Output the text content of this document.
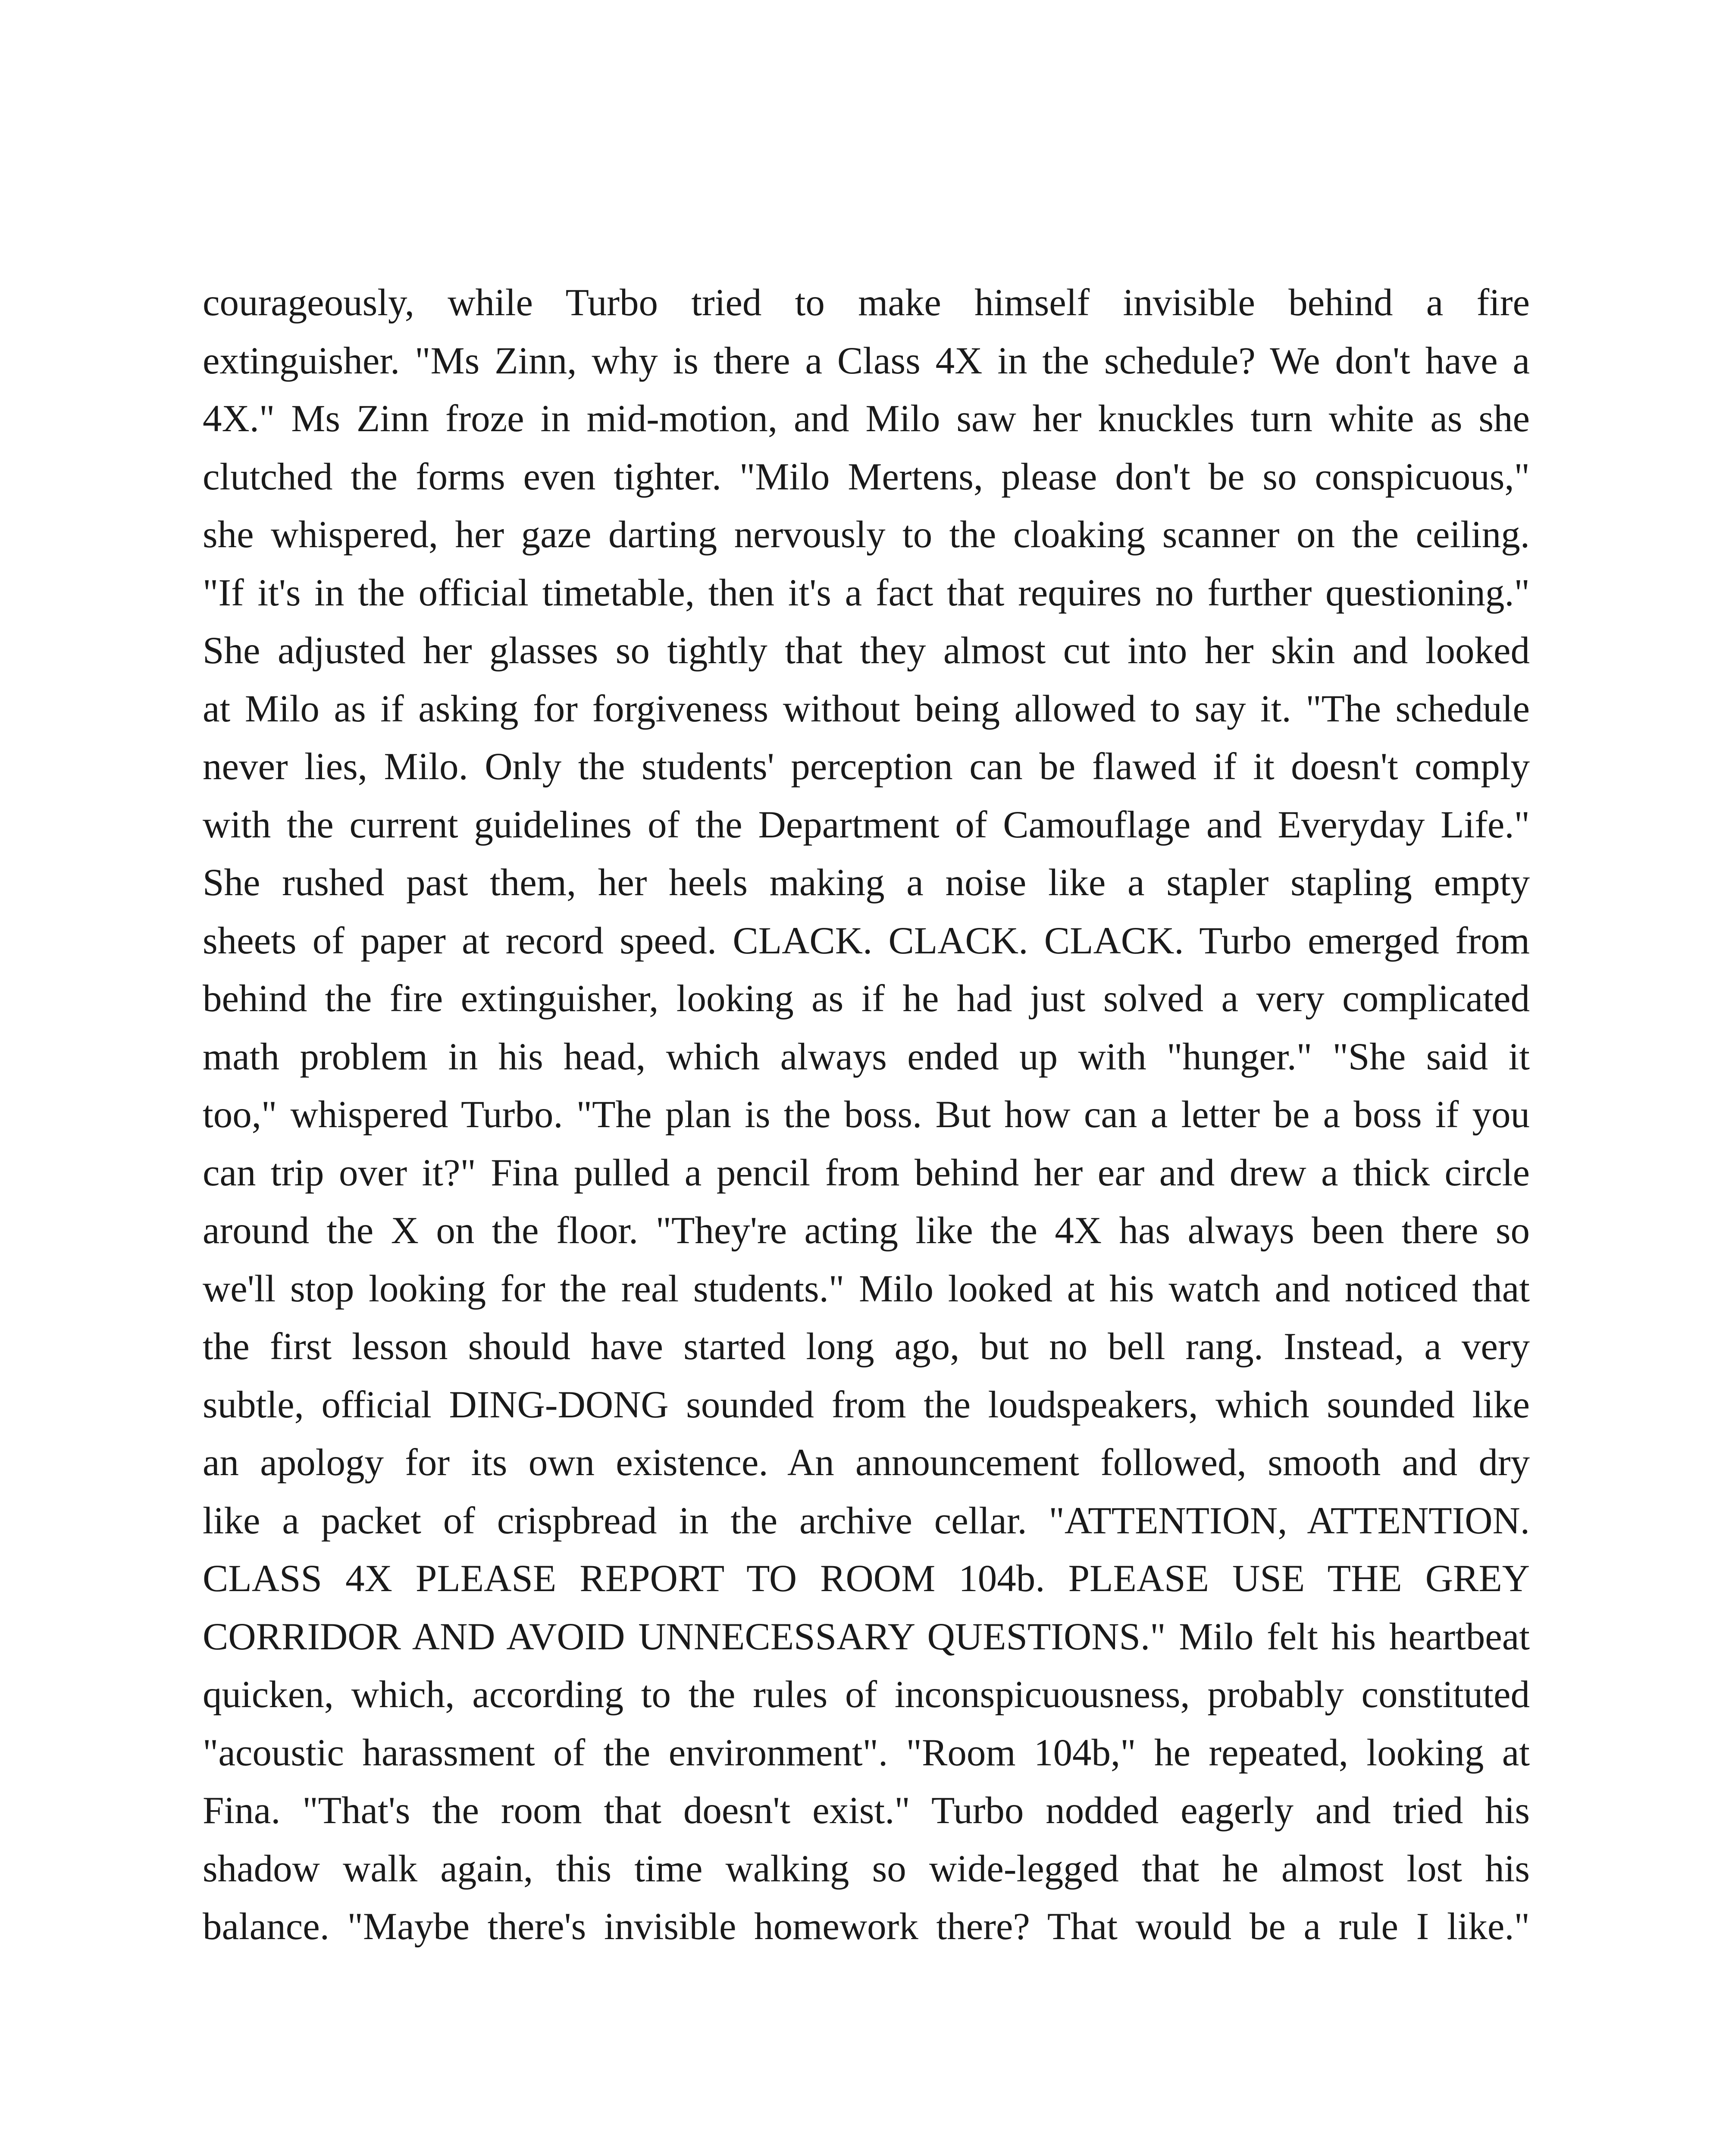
courageously, while Turbo tried to make himself invisible behind a fire
extinguisher. "Ms Zinn, why is there a Class 4X in the schedule? We don't have a
4X." Ms Zinn froze in mid-motion, and Milo saw her knuckles turn white as she
clutched the forms even tighter. "Milo Mertens, please don't be so conspicuous,"
she whispered, her gaze darting nervously to the cloaking scanner on the ceiling.
"If it's in the official timetable, then it's a fact that requires no further questioning."
She adjusted her glasses so tightly that they almost cut into her skin and looked
at Milo as if asking for forgiveness without being allowed to say it. "The schedule
never lies, Milo. Only the students' perception can be flawed if it doesn't comply
with the current guidelines of the Department of Camouflage and Everyday Life."
She rushed past them, her heels making a noise like a stapler stapling empty
sheets of paper at record speed. CLACK. CLACK. CLACK. Turbo emerged from
behind the fire extinguisher, looking as if he had just solved a very complicated
math problem in his head, which always ended up with "hunger." "She said it
too," whispered Turbo. "The plan is the boss. But how can a letter be a boss if you
can trip over it?" Fina pulled a pencil from behind her ear and drew a thick circle
around the X on the floor. "They're acting like the 4X has always been there so
we'll stop looking for the real students." Milo looked at his watch and noticed that
the first lesson should have started long ago, but no bell rang. Instead, a very
subtle, official DING-DONG sounded from the loudspeakers, which sounded like
an apology for its own existence. An announcement followed, smooth and dry
like a packet of crispbread in the archive cellar. "ATTENTION, ATTENTION.
CLASS 4X PLEASE REPORT TO ROOM 104b. PLEASE USE THE GREY
CORRIDOR AND AVOID UNNECESSARY QUESTIONS." Milo felt his heartbeat
quicken, which, according to the rules of inconspicuousness, probably constituted
"acoustic harassment of the environment". "Room 104b," he repeated, looking at
Fina. "That's the room that doesn't exist." Turbo nodded eagerly and tried his
shadow walk again, this time walking so wide-legged that he almost lost his
balance. "Maybe there's invisible homework there? That would be a rule I like."
